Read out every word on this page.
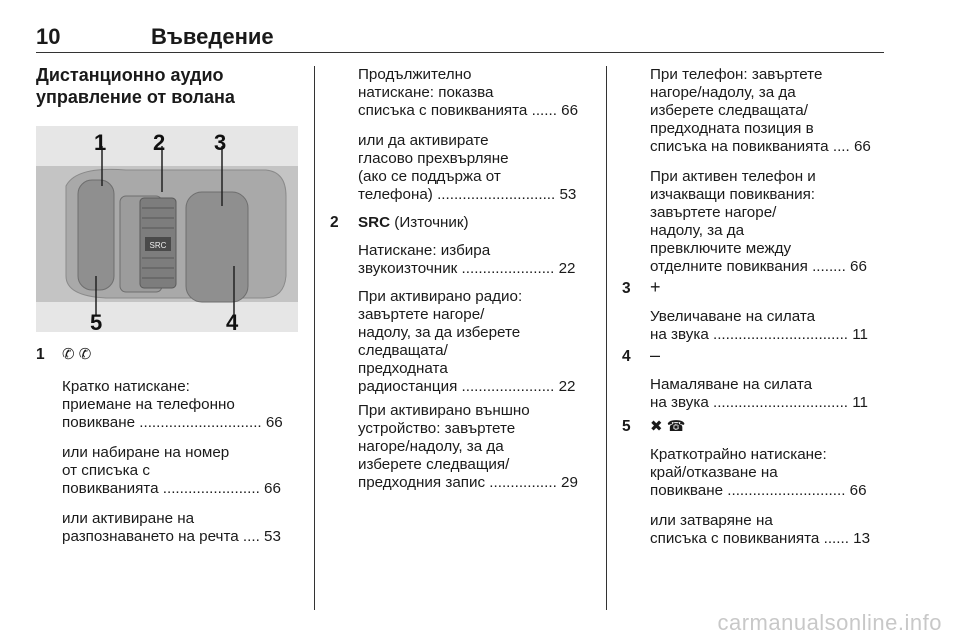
10	Въведение
Дистанционно аудио
управление от волана
SRC
1 2 3
4
5
1 ✆ ✆
Кратко натискане:
приемане на телефонно
повикване ............................. 66
или набиране на номер
от списъка с
повикванията ....................... 66
или активиране на
разпознаването на речта .... 53
Продължително
натискане: показва
списъка с повикванията ...... 66
или да активирате
гласово прехвърляне
(ако се поддържа от
телефона) ............................ 53
2 SRC (Източник)
Натискане: избира
звукоизточник ...................... 22
При активирано радио:
завъртете нагоре/
надолу, за да изберете
следващата/
предходната
радиостанция ...................... 22
При активирано външно
устройство: завъртете
нагоре/надолу, за да
изберете следващия/
предходния запис ................ 29
При телефон: завъртете
нагоре/надолу, за да
изберете следващата/
предходната позиция в
списъка на повикванията .... 66
При активен телефон и
изчакващи повиквания:
завъртете нагоре/
надолу, за да
превключите между
отделните повиквания ........ 66
3 +
Увеличаване на силата
на звука ................................ 11
4 –
Намаляване на силата
на звука ................................ 11
5 ✖ ☎
Краткотрайно натискане:
край/отказване на
повикване ............................ 66
или затваряне на
списъка с повикванията ...... 13
carmanualsonline.info
